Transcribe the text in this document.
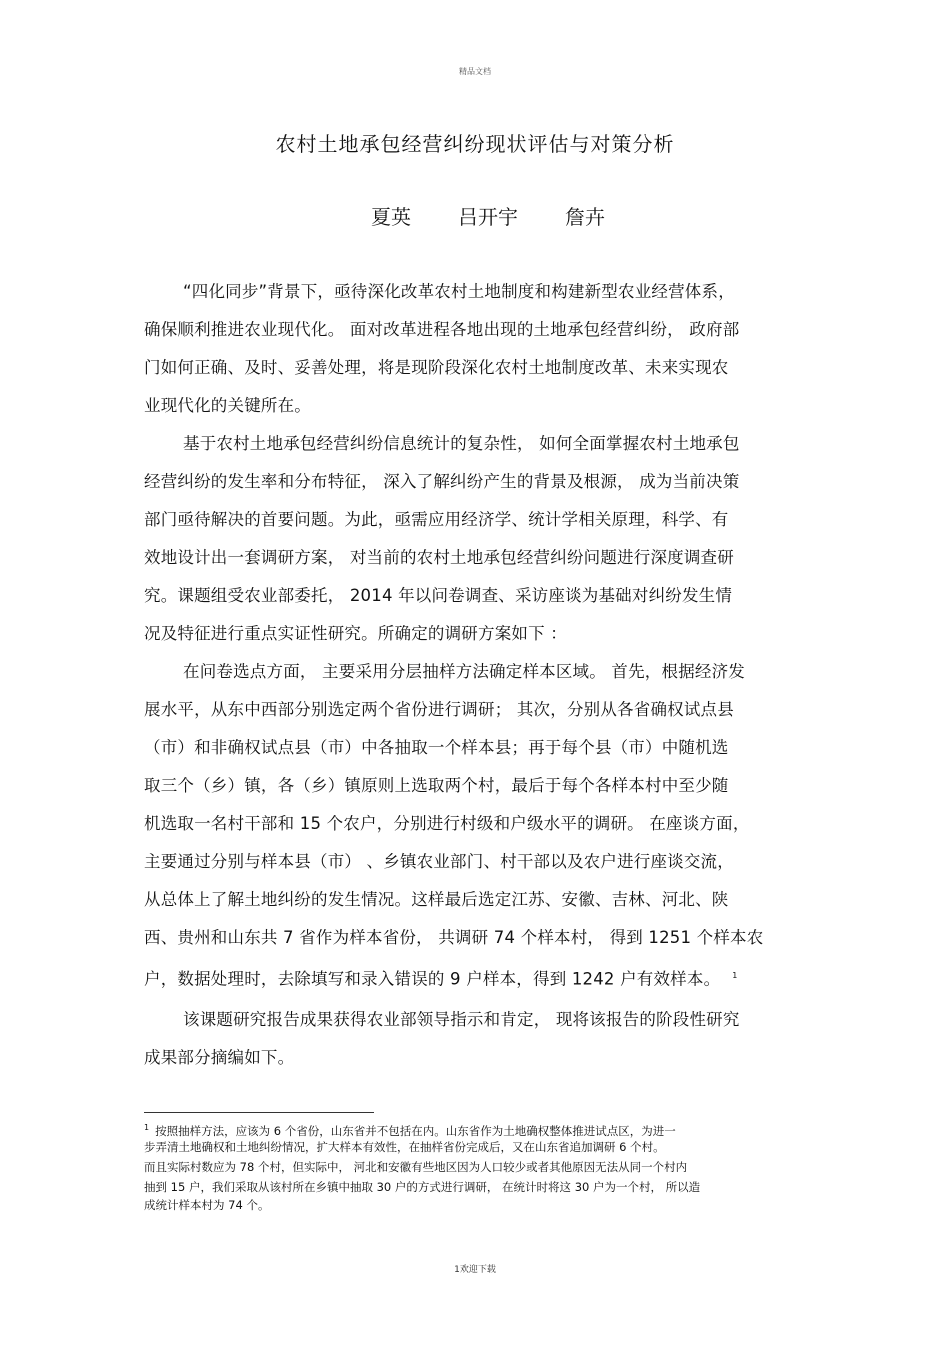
精品文档
农村土地承包经营纠纷现状评估与对策分析
夏英 吕开宇 詹卉
“四化同步”背景下，亟待深化改革农村土地制度和构建新型农业经营体系，
确保顺利推进农业现代化。 面对改革进程各地出现的土地承包经营纠纷， 政府部
门如何正确、及时、妥善处理，将是现阶段深化农村土地制度改革、未来实现农
业现代化的关键所在。
基于农村土地承包经营纠纷信息统计的复杂性， 如何全面掌握农村土地承包
经营纠纷的发生率和分布特征， 深入了解纠纷产生的背景及根源， 成为当前决策
部门亟待解决的首要问题。为此，亟需应用经济学、统计学相关原理，科学、有
效地设计出一套调研方案， 对当前的农村土地承包经营纠纷问题进行深度调查研
究。课题组受农业部委托， 2014 年以问卷调查、采访座谈为基础对纠纷发生情
况及特征进行重点实证性研究。所确定的调研方案如下 ：
在问卷选点方面， 主要采用分层抽样方法确定样本区域。 首先，根据经济发
展水平，从东中西部分别选定两个省份进行调研； 其次，分别从各省确权试点县
（市）和非确权试点县（市）中各抽取一个样本县；再于每个县（市）中随机选
取三个（乡）镇，各（乡）镇原则上选取两个村，最后于每个各样本村中至少随
机选取一名村干部和 15 个农户，分别进行村级和户级水平的调研。 在座谈方面，
主要通过分别与样本县（市） 、乡镇农业部门、村干部以及农户进行座谈交流，
从总体上了解土地纠纷的发生情况。这样最后选定江苏、安徽、吉林、河北、陕
西、贵州和山东共 7 省作为样本省份， 共调研 74 个样本村， 得到 1251 个样本农
户，数据处理时，去除填写和录入错误的 9 户样本，得到 1242 户有效样本。 $^1$
该课题研究报告成果获得农业部领导指示和肯定， 现将该报告的阶段性研究
成果部分摘编如下。
$^1$ 按照抽样方法，应该为 6 个省份，山东省并不包括在内。山东省作为土地确权整体推进试点区，为进一
步弄清土地确权和土地纠纷情况，扩大样本有效性，在抽样省份完成后，又在山东省追加调研 6 个村。
而且实际村数应为 78 个村，但实际中， 河北和安徽有些地区因为人口较少或者其他原因无法从同一个村内
抽到 15 户，我们采取从该村所在乡镇中抽取 30 户的方式进行调研， 在统计时将这 30 户为一个村， 所以造
成统计样本村为 74 个。
1欢迎下载
